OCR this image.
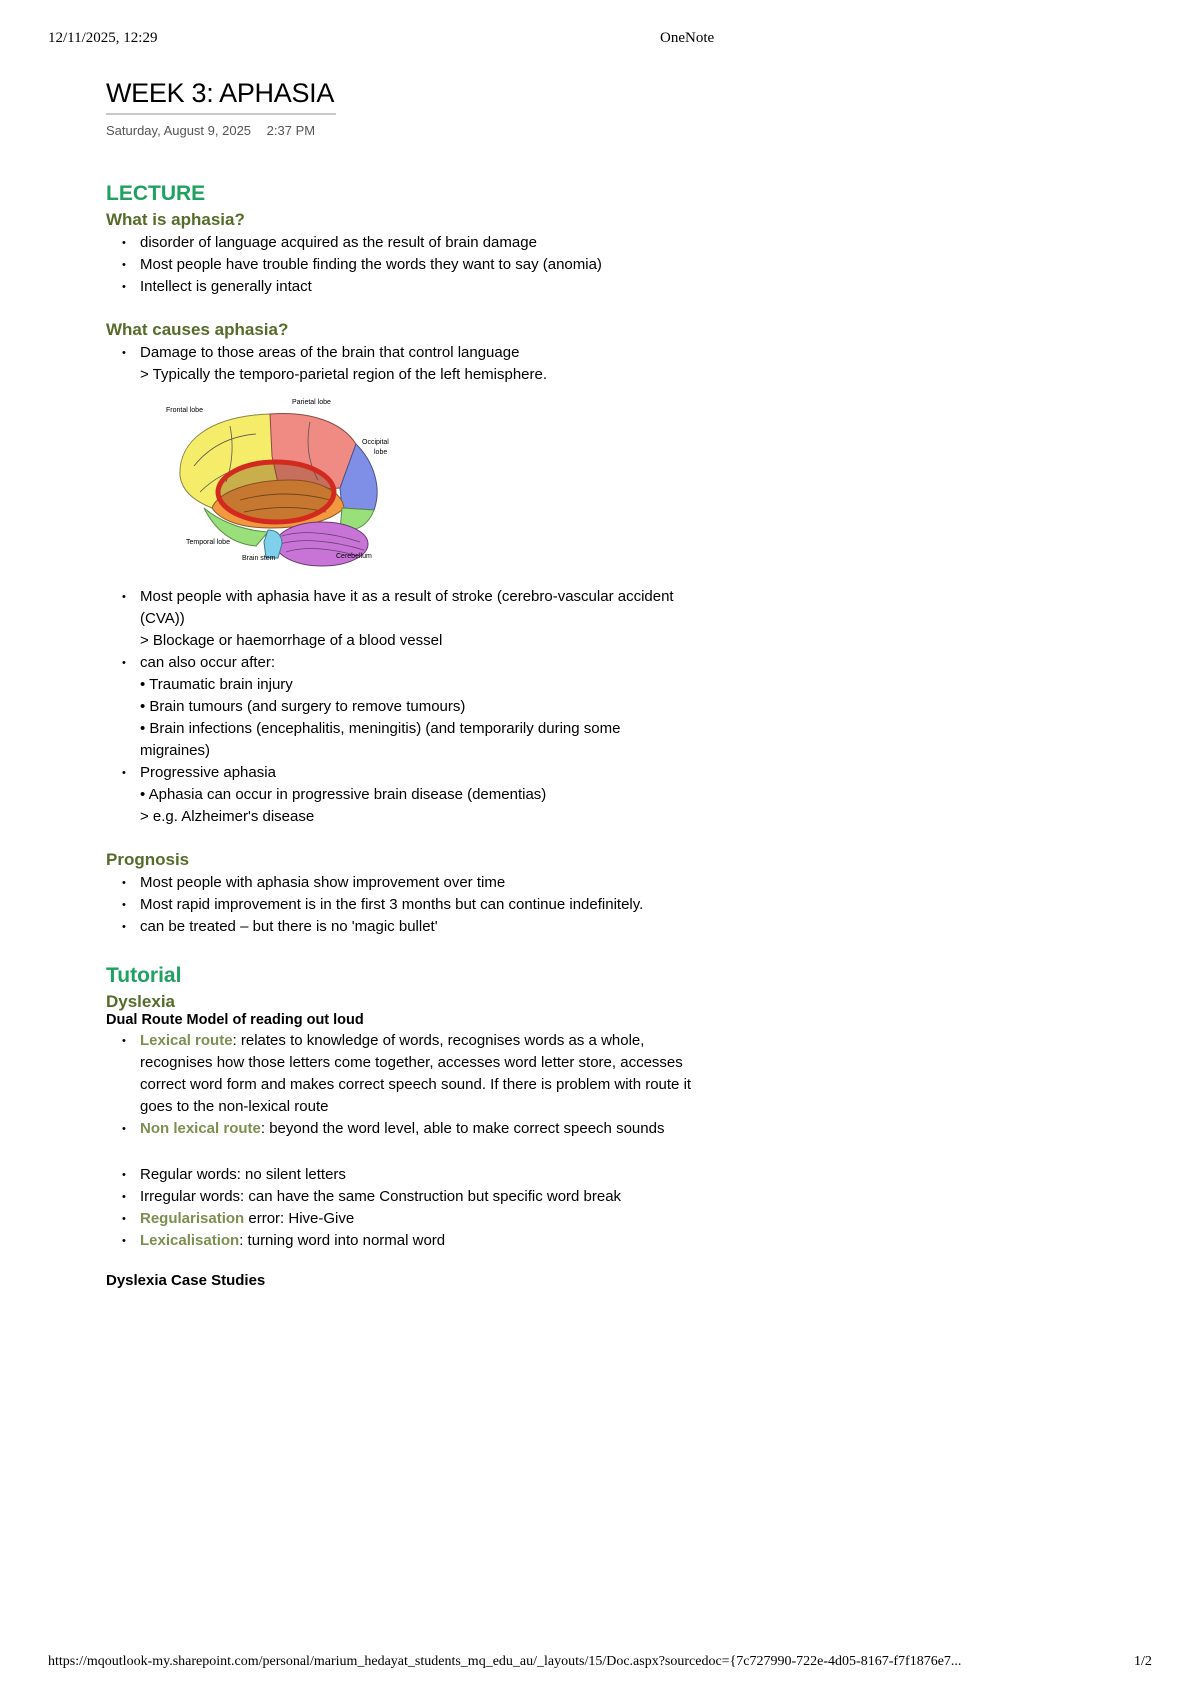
12/11/2025, 12:29	OneNote
WEEK 3: APHASIA
Saturday, August 9, 2025 2:37 PM
LECTURE
What is aphasia?
• disorder of language acquired as the result of brain damage
• Most people have trouble finding the words they want to say (anomia)
• Intellect is generally intact
What causes aphasia?
• Damage to those areas of the brain that control language
> Typically the temporo-parietal region of the left hemisphere.
Frontal lobe
Parietal lobe
Occipital
lobe
Temporal lobe
Brain stem	Cerebellum
• Most people with aphasia have it as a result of stroke (cerebro-vascular accident
(CVA))
> Blockage or haemorrhage of a blood vessel
• can also occur after:
• Traumatic brain injury
• Brain tumours (and surgery to remove tumours)
• Brain infections (encephalitis, meningitis) (and temporarily during some
migraines)
• Progressive aphasia
• Aphasia can occur in progressive brain disease (dementias)
> e.g. Alzheimer's disease
Prognosis
• Most people with aphasia show improvement over time
• Most rapid improvement is in the first 3 months but can continue indefinitely.
• can be treated – but there is no 'magic bullet'
Tutorial
Dyslexia
Dual Route Model of reading out loud
• Lexical route: relates to knowledge of words, recognises words as a whole,
recognises how those letters come together, accesses word letter store, accesses
correct word form and makes correct speech sound. If there is problem with route it
goes to the non-lexical route
• Non lexical route: beyond the word level, able to make correct speech sounds
• Regular words: no silent letters
• Irregular words: can have the same Construction but specific word break
• Regularisation error: Hive-Give
• Lexicalisation: turning word into normal word
Dyslexia Case Studies
https://mqoutlook-my.sharepoint.com/personal/marium_hedayat_students_mq_edu_au/_layouts/15/Doc.aspx?sourcedoc={7c727990-722e-4d05-8167-f7f1876e7...	1/2
